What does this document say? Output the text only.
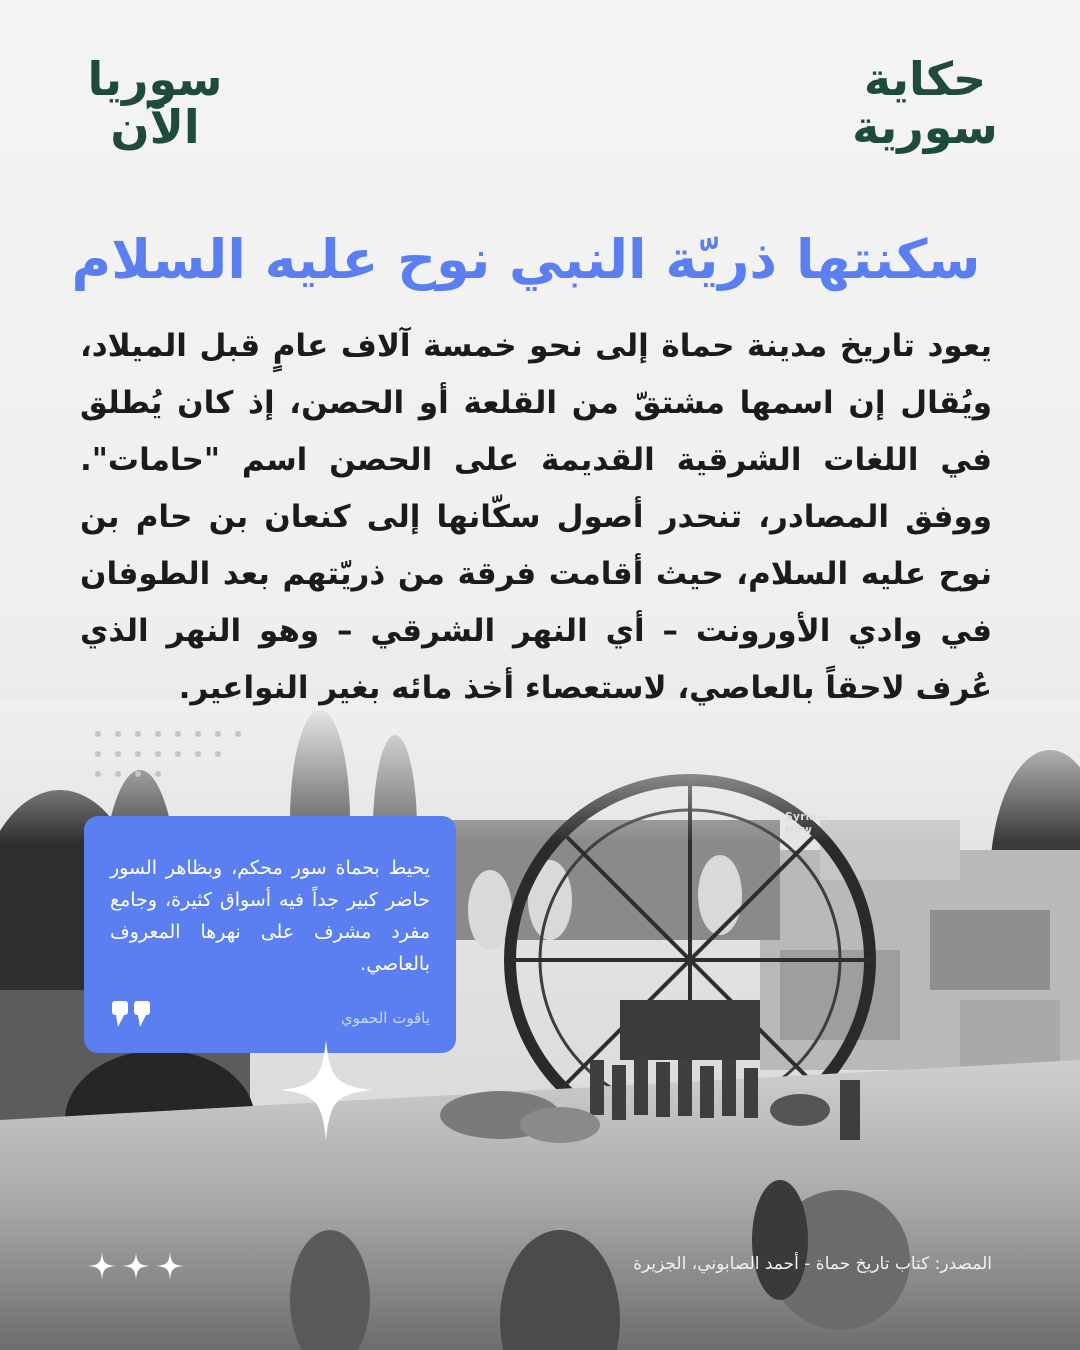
سوريا
الآن
حكاية
سورية
سكنتها ذريّة النبي نوح عليه السلام
يعود تاريخ مدينة حماة إلى نحو خمسة آلاف عامٍ قبل الميلاد، ويُقال إن اسمها مشتقّ من القلعة أو الحصن، إذ كان يُطلق في اللغات الشرقية القديمة على الحصن اسم "حامات". ووفق المصادر، تنحدر أصول سكّانها إلى كنعان بن حام بن نوح عليه السلام، حيث أقامت فرقة من ذريّتهم بعد الطوفان في وادي الأورونت – أي النهر الشرقي – وهو النهر الذي عُرف لاحقاً بالعاصي، لاستعصاء أخذ مائه بغير النواعير.
Syria—
Now
يحيط بحماة سور محكم، وبظاهر السور حاضر كبير جداً فيه أسواق كثيرة، وجامع مفرد مشرف على نهرها المعروف بالعاصي.
ياقوت الحموي
المصدر: كتاب تاريخ حماة - أحمد الصابوني، الجزيرة
